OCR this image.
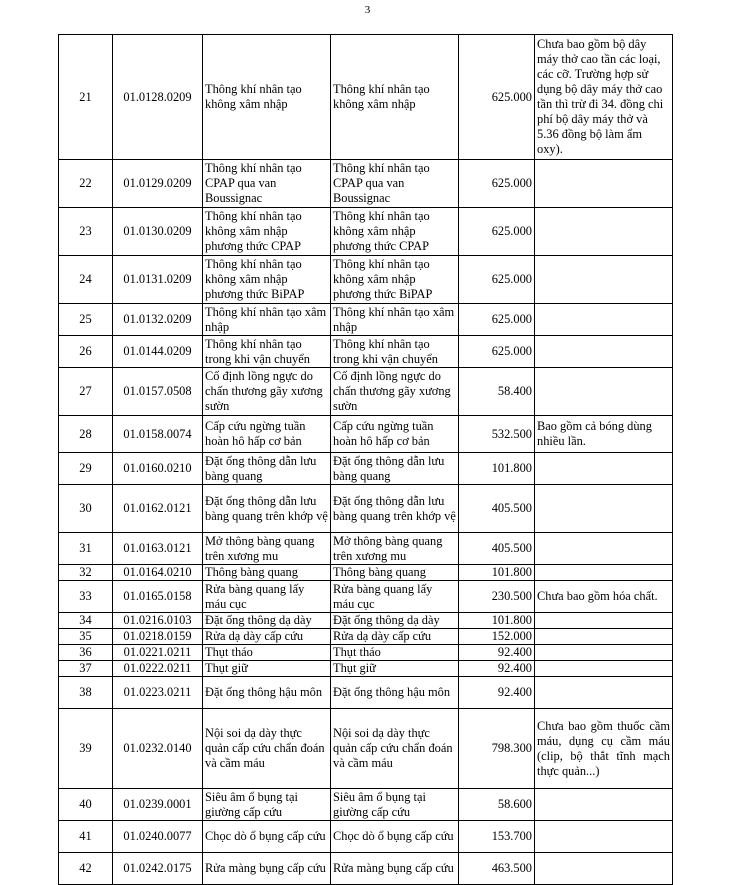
3
21	01.0128.0209	Thông khí nhân tạo không xâm nhập	Thông khí nhân tạo không xâm nhập	625.000	Chưa bao gồm bộ dây máy thở cao tần các loại, các cỡ. Trường hợp sử dụng bộ dây máy thở cao tần thì trừ đi 34. đồng chi phí bộ dây máy thở và 5.36 đồng bộ làm ẩm oxy).
22	01.0129.0209	Thông khí nhân tạo CPAP qua van Boussignac	Thông khí nhân tạo CPAP qua van Boussignac	625.000	
23	01.0130.0209	Thông khí nhân tạo không xâm nhập phương thức CPAP	Thông khí nhân tạo không xâm nhập phương thức CPAP	625.000	
24	01.0131.0209	Thông khí nhân tạo không xâm nhập phương thức BiPAP	Thông khí nhân tạo không xâm nhập phương thức BiPAP	625.000	
25	01.0132.0209	Thông khí nhân tạo xâm nhập	Thông khí nhân tạo xâm nhập	625.000	
26	01.0144.0209	Thông khí nhân tạo trong khi vận chuyển	Thông khí nhân tạo trong khi vận chuyển	625.000	
27	01.0157.0508	Cố định lồng ngực do chấn thương gãy xương sườn	Cố định lồng ngực do chấn thương gãy xương sườn	58.400	
28	01.0158.0074	Cấp cứu ngừng tuần hoàn hô hấp cơ bản	Cấp cứu ngừng tuần hoàn hô hấp cơ bản	532.500	Bao gồm cả bóng dùng nhiều lần.
29	01.0160.0210	Đặt ống thông dẫn lưu bàng quang	Đặt ống thông dẫn lưu bàng quang	101.800	
30	01.0162.0121	Đặt ống thông dẫn lưu bàng quang trên khớp vệ	Đặt ống thông dẫn lưu bàng quang trên khớp vệ	405.500	
31	01.0163.0121	Mở thông bàng quang trên xương mu	Mở thông bàng quang trên xương mu	405.500	
32	01.0164.0210	Thông bàng quang	Thông bàng quang	101.800	
33	01.0165.0158	Rửa bàng quang lấy máu cục	Rửa bàng quang lấy máu cục	230.500	Chưa bao gồm hóa chất.
34	01.0216.0103	Đặt ống thông dạ dày	Đặt ống thông dạ dày	101.800	
35	01.0218.0159	Rửa dạ dày cấp cứu	Rửa dạ dày cấp cứu	152.000	
36	01.0221.0211	Thụt tháo	Thụt tháo	92.400	
37	01.0222.0211	Thụt giữ	Thụt giữ	92.400	
38	01.0223.0211	Đặt ống thông hậu môn	Đặt ống thông hậu môn	92.400	
39	01.0232.0140	Nội soi dạ dày thực quản cấp cứu chẩn đoán và cầm máu	Nội soi dạ dày thực quản cấp cứu chẩn đoán và cầm máu	798.300	Chưa bao gồm thuốc cầm máu, dụng cụ cầm máu (clip, bộ thắt tĩnh mạch thực quản...)
40	01.0239.0001	Siêu âm ổ bụng tại giường cấp cứu	Siêu âm ổ bụng tại giường cấp cứu	58.600	
41	01.0240.0077	Chọc dò ổ bụng cấp cứu	Chọc dò ổ bụng cấp cứu	153.700	
42	01.0242.0175	Rửa màng bụng cấp cứu	Rửa màng bụng cấp cứu	463.500	
